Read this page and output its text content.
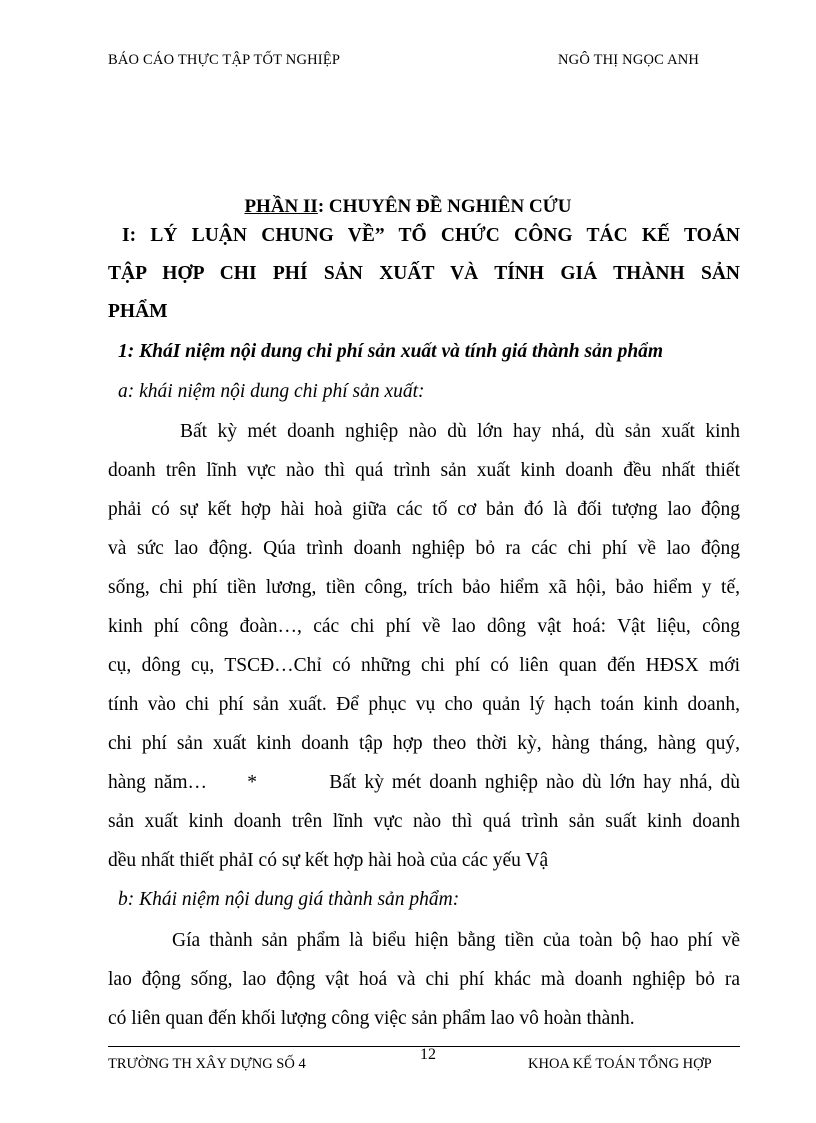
BÁO CÁO THỰC TẬP TỐT NGHIỆP	NGÔ THỊ NGỌC ANH
PHẦN II: CHUYÊN ĐỀ NGHIÊN CỨU
I: LÝ LUẬN CHUNG VỀ” TỔ CHỨC CÔNG TÁC KẾ TOÁN
TẬP HỢP CHI PHÍ SẢN XUẤT VÀ TÍNH GIÁ THÀNH SẢN
PHẨM
1: KháI niệm nội dung chi phí sản xuất và tính giá thành sản phẩm
a: khái niệm nội dung chi phí sản xuất:
Bất kỳ mét doanh nghiệp nào dù lớn hay nhá, dù sản xuất kinh
doanh trên lĩnh vực nào thì quá trình sản xuất kinh doanh đều nhất thiết
phải có sự kết hợp hài hoà giữa các tố cơ bản đó là đối tượng lao động
và sức lao động. Qúa trình doanh nghiệp bỏ ra các chi phí về lao động
sống, chi phí tiền lương, tiền công, trích bảo hiểm xã hội, bảo hiểm y tế,
kinh phí công đoàn…, các chi phí về lao dông vật hoá: Vật liệu, công
cụ, dông cụ, TSCĐ…Chỉ có những chi phí có liên quan đến HĐSX mới
tính vào chi phí sản xuất. Để phục vụ cho quản lý hạch toán kinh doanh,
chi phí sản xuất kinh doanh tập hợp theo thời kỳ, hàng tháng, hàng quý,
hàng năm…     *         Bất kỳ mét doanh nghiệp nào dù lớn hay nhá, dù
sản xuất kinh doanh trên lĩnh vực nào thì quá trình sản suất kinh doanh
dều nhất thiết phảI có sự kết hợp hài hoà của các yếu Vậ
b: Khái niệm nội dung giá thành sản phẩm:
Gía thành sản phẩm là biểu hiện bằng tiền của toàn bộ hao phí về
lao động sống, lao động vật hoá và chi phí khác mà doanh nghiệp bỏ ra
có liên quan đến khối lượng công việc sản phẩm lao vô hoàn thành.
TRƯỜNG TH XÂY DỰNG SỐ 4
12
KHOA KẾ TOÁN TỔNG HỢP
